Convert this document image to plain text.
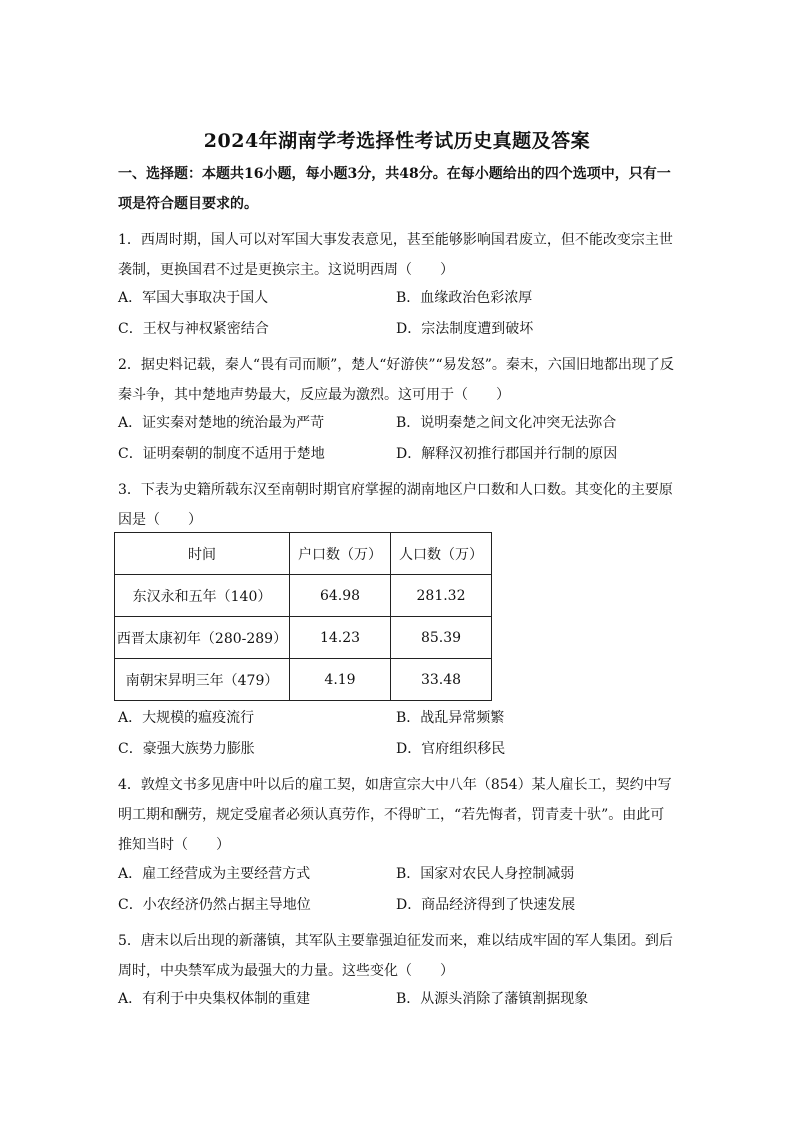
2024年湖南学考选择性考试历史真题及答案
一、选择题：本题共16小题，每小题3分，共48分。在每小题给出的四个选项中，只有一项是符合题目要求的。
1．西周时期，国人可以对军国大事发表意见，甚至能够影响国君废立，但不能改变宗主世袭制，更换国君不过是更换宗主。这说明西周（　　）
A．军国大事取决于国人	B．血缘政治色彩浓厚
C．王权与神权紧密结合	D．宗法制度遭到破坏
2．据史料记载，秦人“畏有司而顺”，楚人“好游侠”“易发怒”。秦末，六国旧地都出现了反秦斗争，其中楚地声势最大，反应最为激烈。这可用于（　　）
A．证实秦对楚地的统治最为严苛	B．说明秦楚之间文化冲突无法弥合
C．证明秦朝的制度不适用于楚地	D．解释汉初推行郡国并行制的原因
3．下表为史籍所载东汉至南朝时期官府掌握的湖南地区户口数和人口数。其变化的主要原因是（　　）
时间	户口数（万）	人口数（万）
东汉永和五年（140）	64.98	281.32
西晋太康初年（280-289）	14.23	85.39
南朝宋昇明三年（479）	4.19	33.48
A．大规模的瘟疫流行	B．战乱异常频繁
C．豪强大族势力膨胀	D．官府组织移民
4．敦煌文书多见唐中叶以后的雇工契，如唐宣宗大中八年（854）某人雇长工，契约中写明工期和酬劳，规定受雇者必须认真劳作，不得旷工，“若先悔者，罚青麦十驮”。由此可推知当时（　　）
A．雇工经营成为主要经营方式	B．国家对农民人身控制减弱
C．小农经济仍然占据主导地位	D．商品经济得到了快速发展
5．唐末以后出现的新藩镇，其军队主要靠强迫征发而来，难以结成牢固的军人集团。到后周时，中央禁军成为最强大的力量。这些变化（　　）
A．有利于中央集权体制的重建	B．从源头消除了藩镇割据现象
